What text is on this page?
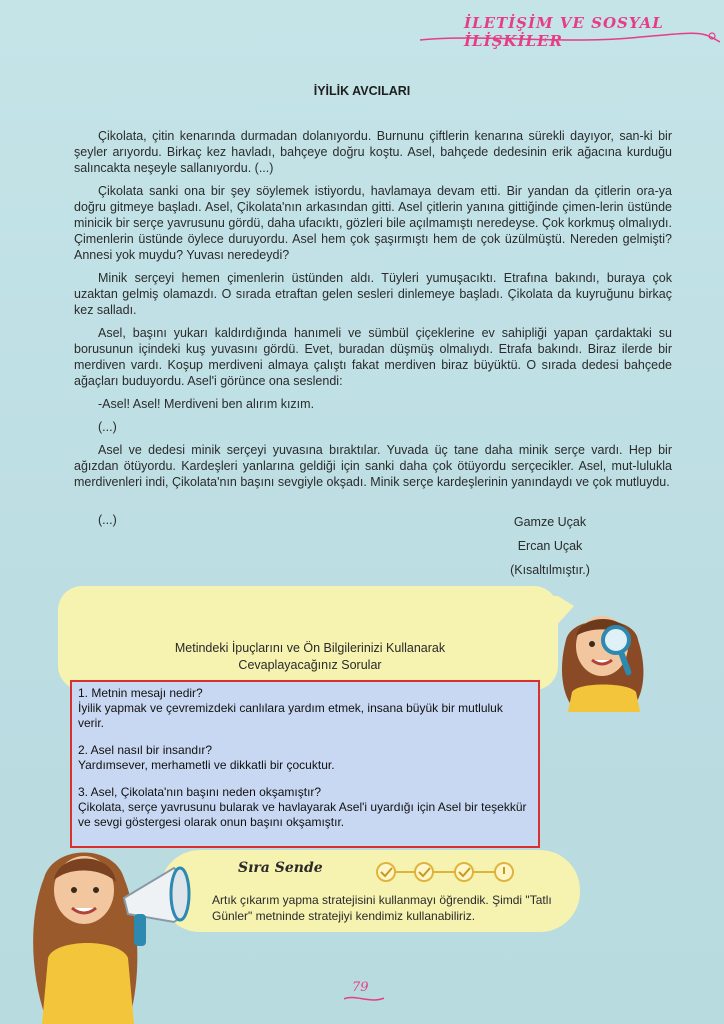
İLETİŞİM VE SOSYAL İLİŞKİLER
İYİLİK AVCILARI

Çikolata, çitin kenarında durmadan dolanıyordu. Burnunu çiftlerin kenarına sürekli dayıyor, san-ki bir şeyler arıyordu. Birkaç kez havladı, bahçeye doğru koştu. Asel, bahçede dedesinin erik ağacına kurduğu salıncakta neşeyle sallanıyordu. (...)

Çikolata sanki ona bir şey söylemek istiyordu, havlamaya devam etti. Bir yandan da çitlerin ora-ya doğru gitmeye başladı. Asel, Çikolata'nın arkasından gitti. Asel çitlerin yanına gittiğinde çimen-lerin üstünde minicik bir serçe yavrusunu gördü, daha ufacıktı, gözleri bile açılmamıştı neredeyse. Çok korkmuş olmalıydı. Çimenlerin üstünde öylece duruyordu. Asel hem çok şaşırmıştı hem de çok üzülmüştü. Nereden gelmişti? Annesi yok muydu? Yuvası neredeydi?

Minik serçeyi hemen çimenlerin üstünden aldı. Tüyleri yumuşacıktı. Etrafına bakındı, buraya çok uzaktan gelmiş olamazdı. O sırada etraftan gelen sesleri dinlemeye başladı. Çikolata da kuyruğunu birkaç kez salladı.

Asel, başını yukarı kaldırdığında hanımeli ve sümbül çiçeklerine ev sahipliği yapan çardaktaki su borusunun içindeki kuş yuvasını gördü. Evet, buradan düşmüş olmalıydı. Etrafa bakındı. Biraz ilerde bir merdiven vardı. Koşup merdiveni almaya çalıştı fakat merdiven biraz büyüktü. O sırada dedesi bahçede ağaçları buduyordu. Asel'i görünce ona seslendi:

-Asel! Asel! Merdiveni ben alırım kızım.

(...)

Asel ve dedesi minik serçeyi yuvasına bıraktılar. Yuvada üç tane daha minik serçe vardı. Hep bir ağızdan ötüyordu. Kardeşleri yanlarına geldiği için sanki daha çok ötüyordu serçecikler. Asel, mut-lulukla merdivenleri indi, Çikolata'nın başını sevgiyle okşadı. Minik serçe kardeşlerinin yanındaydı ve çok mutluydu.

(...)	Gamze Uçak
Ercan Uçak
(Kısaltılmıştır.)
Metindeki İpuçlarını ve Ön Bilgilerinizi Kullanarak
Cevaplayacağınız Sorular

1. Metnin mesajı nedir?

İyilik yapmak ve çevremizdeki canlılara yardım etmek, insana büyük bir mutluluk verir.

2. Asel nasıl bir insandır?

Yardımsever, merhametli ve dikkatli bir çocuktur.

3. Asel, Çikolata'nın başını neden okşamıştır?

Çikolata, serçe yavrusunu bularak ve havlayarak Asel'i uyardığı için Asel bir teşekkür ve sevgi göstergesi olarak onun başını okşamıştır.

Sıra Sende
Artık çıkarım yapma stratejisini kullanmayı öğrendik. Şimdi "Tatlı Günler" metninde stratejiyi kendimiz kullanabiliriz.
79
